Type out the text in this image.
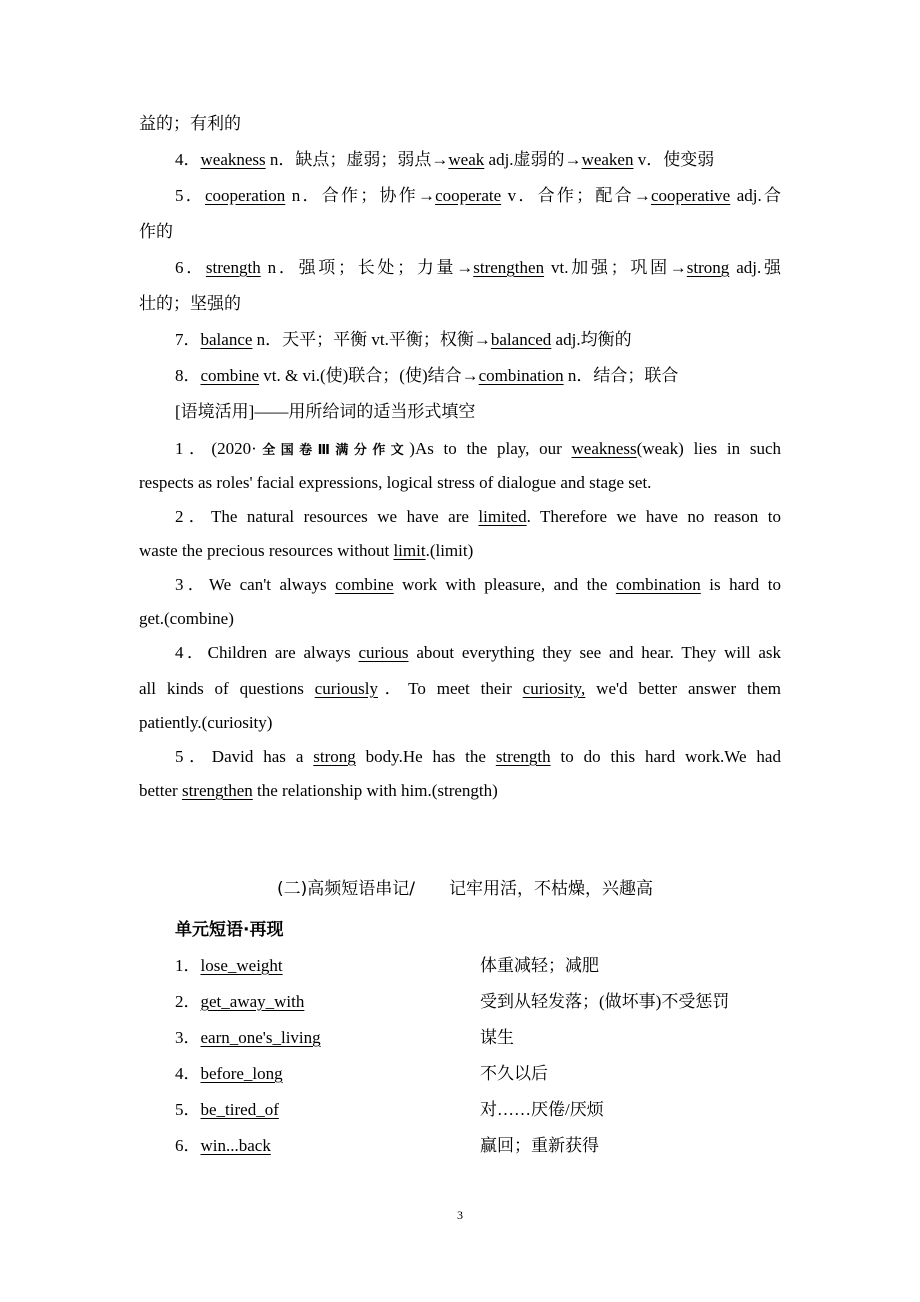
益的；有利的
4．weakness n．缺点；虚弱；弱点→weak adj.虚弱的→weaken v．使变弱
5．cooperation n．合作；协作→cooperate v．合作；配合→cooperative adj.合
作的
6．strength n．强项；长处；力量→strengthen vt.加强；巩固→strong adj.强
壮的；坚强的
7．balance n．天平；平衡 vt.平衡；权衡→balanced adj.均衡的
8．combine vt. & vi.(使)联合；(使)结合→combination n．结合；联合
[语境活用]——用所给词的适当形式填空
1．(2020·全国卷Ⅲ满分作文)As to the play, our weakness(weak) lies in such
respects as roles' facial expressions, logical stress of dialogue and stage set.
2．The natural resources we have are limited. Therefore we have no reason to
waste the precious resources without limit.(limit)
3．We can't always combine work with pleasure, and the combination is hard to
get.(combine)
4．Children are always curious about everything they see and hear. They will ask
all kinds of questions curiously．To meet their curiosity, we'd better answer them
patiently.(curiosity)
5．David has a strong body.He has the strength to do this hard work.We had
better strengthen the relationship with him.(strength)
(二)高频短语串记/ 记牢用活，不枯燥，兴趣高
单元短语·再现
1．lose_weight	体重减轻；减肥
2．get_away_with	受到从轻发落；(做坏事)不受惩罚
3．earn_one's_living	谋生
4．before_long	不久以后
5．be_tired_of	对……厌倦/厌烦
6．win...back	赢回；重新获得
3
